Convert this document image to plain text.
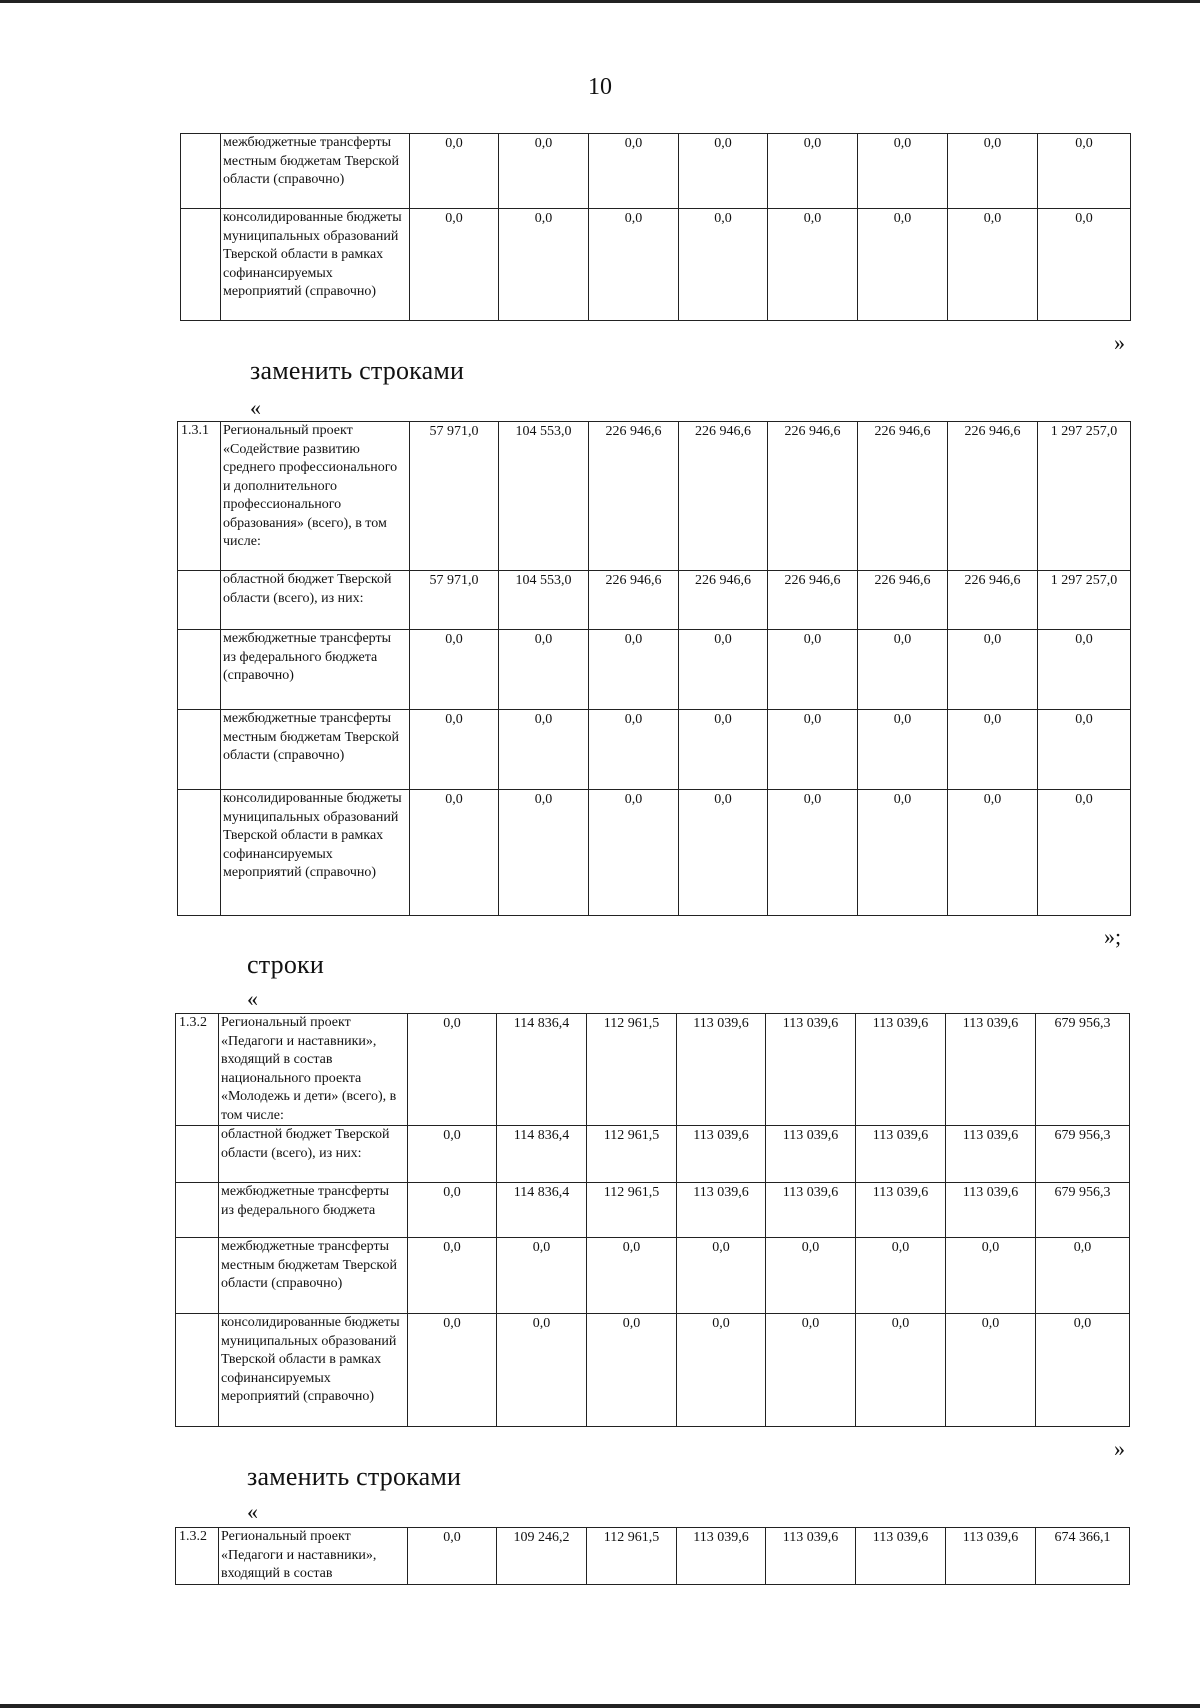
10
	межбюджетные трансферты местным бюджетам Тверской области (справочно)	0,0	0,0	0,0	0,0	0,0	0,0	0,0	0,0
	консолидированные бюджеты муниципальных образований Тверской области в рамках софинансируемых мероприятий (справочно)	0,0	0,0	0,0	0,0	0,0	0,0	0,0	0,0
»
заменить строками
«
1.3.1	Региональный проект «Содействие развитию среднего профессионального и дополнительного профессионального образования» (всего), в том числе:	57 971,0	104 553,0	226 946,6	226 946,6	226 946,6	226 946,6	226 946,6	1 297 257,0
	областной бюджет Тверской области (всего), из них:	57 971,0	104 553,0	226 946,6	226 946,6	226 946,6	226 946,6	226 946,6	1 297 257,0
	межбюджетные трансферты из федерального бюджета (справочно)	0,0	0,0	0,0	0,0	0,0	0,0	0,0	0,0
	межбюджетные трансферты местным бюджетам Тверской области (справочно)	0,0	0,0	0,0	0,0	0,0	0,0	0,0	0,0
	консолидированные бюджеты муниципальных образований Тверской области в рамках софинансируемых мероприятий (справочно)	0,0	0,0	0,0	0,0	0,0	0,0	0,0	0,0
»;
строки
«
1.3.2	Региональный проект «Педагоги и наставники», входящий в состав национального проекта «Молодежь и дети» (всего), в том числе:	0,0	114 836,4	112 961,5	113 039,6	113 039,6	113 039,6	113 039,6	679 956,3
	областной бюджет Тверской области (всего), из них:	0,0	114 836,4	112 961,5	113 039,6	113 039,6	113 039,6	113 039,6	679 956,3
	межбюджетные трансферты из федерального бюджета	0,0	114 836,4	112 961,5	113 039,6	113 039,6	113 039,6	113 039,6	679 956,3
	межбюджетные трансферты местным бюджетам Тверской области (справочно)	0,0	0,0	0,0	0,0	0,0	0,0	0,0	0,0
	консолидированные бюджеты муниципальных образований Тверской области в рамках софинансируемых мероприятий (справочно)	0,0	0,0	0,0	0,0	0,0	0,0	0,0	0,0
»
заменить строками
«
1.3.2	Региональный проект «Педагоги и наставники», входящий в состав	0,0	109 246,2	112 961,5	113 039,6	113 039,6	113 039,6	113 039,6	674 366,1
